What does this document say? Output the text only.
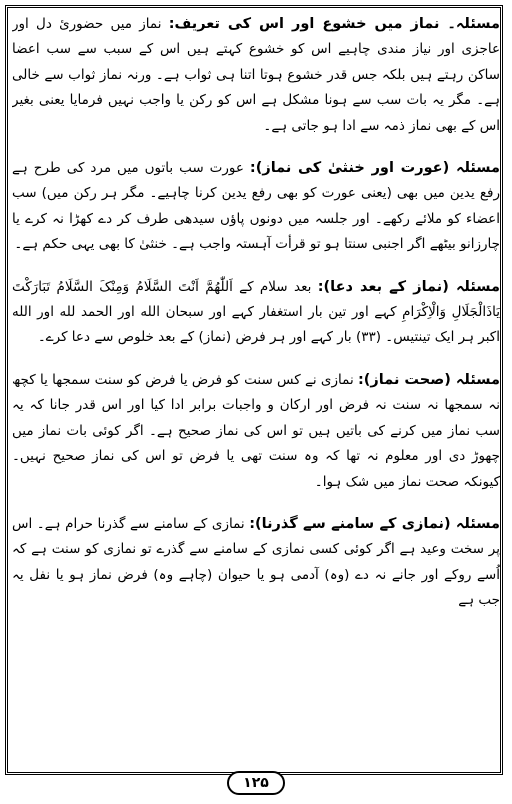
مسئلہ۔ نماز میں خشوع اور اس کی تعریف: نماز میں حضوریٔ دل اور عاجزی اور نیاز مندی چاہیے اس کو خشوع کہتے ہیں اس کے سبب سے سب اعضا ساکن رہتے ہیں بلکہ جس قدر خشوع ہوتا اتنا ہی ثواب ہے۔ ورنہ نماز ثواب سے خالی ہے۔ مگر یہ بات سب سے ہونا مشکل ہے اس کو رکن یا واجب نہیں فرمایا یعنی بغیر اس کے بھی نماز ذمہ سے ادا ہو جاتی ہے۔

مسئلہ (عورت اور خنثیٰ کی نماز): عورت سب باتوں میں مرد کی طرح ہے رفع یدین میں بھی (یعنی عورت کو بھی رفع یدین کرنا چاہیے۔ مگر ہر رکن میں) سب اعضاء کو ملائے رکھے۔ اور جلسہ میں دونوں پاؤں سیدھی طرف کر دے کھڑا نہ کرے یا چارزانو بیٹھے اگر اجنبی سنتا ہو تو قرأت آہستہ واجب ہے۔ خنثیٰ کا بھی یہی حکم ہے۔

مسئلہ (نماز کے بعد دعا): بعد سلام کے اَللّٰھُمَّ اَنْتَ السَّلَامُ وَمِنْکَ السَّلَامُ تَبَارَکْتَ یَاذَالْجَلَالِ وَالْاِکْرَامِ کہے اور تین بار استغفار کہے اور سبحان الله اور الحمد لله اور الله اکبر ہر ایک تینتیس۔ (۳۳) بار کہے اور ہر فرض (نماز) کے بعد خلوص سے دعا کرے۔

مسئلہ (صحت نماز): نمازی نے کس سنت کو فرض یا فرض کو سنت سمجھا یا کچھ نہ سمجھا نہ سنت نہ فرض اور ارکان و واجبات برابر ادا کیا اور اس قدر جانا کہ یہ سب نماز میں کرنے کی باتیں ہیں تو اس کی نماز صحیح ہے۔ اگر کوئی بات نماز میں چھوڑ دی اور معلوم نہ تھا کہ وہ سنت تھی یا فرض تو اس کی نماز صحیح نہیں۔ کیونکہ صحت نماز میں شک ہوا۔

مسئلہ (نمازی کے سامنے سے گذرنا): نمازی کے سامنے سے گذرنا حرام ہے۔ اس پر سخت وعید ہے اگر کوئی کسی نمازی کے سامنے سے گذرے تو نمازی کو سنت ہے کہ اُسے روکے اور جانے نہ دے (وہ) آدمی ہو یا حیوان (چاہے وہ) فرض نماز ہو یا نفل یہ جب ہے

۱۲۵
